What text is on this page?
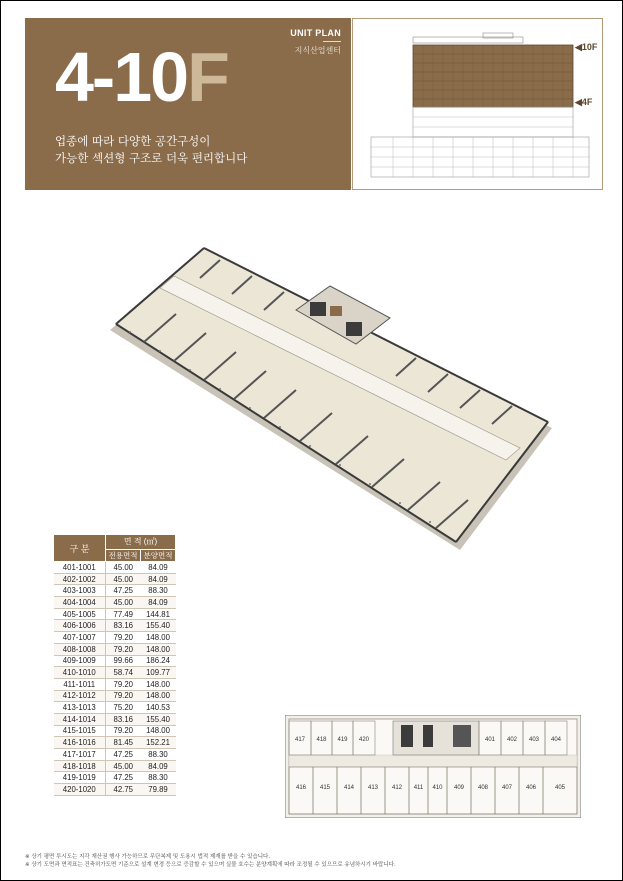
4-10F
UNIT PLAN
지식산업센터
업종에 따라 다양한 공간구성이
가능한 섹션형 구조로 더욱 편리합니다
◀10F
◀4F
구 분	면 적 (㎡)	
	전용면적	분양면적
401-1001	45.00	84.09
402-1002	45.00	84.09
403-1003	47.25	88.30
404-1004	45.00	84.09
405-1005	77.49	144.81
406-1006	83.16	155.40
407-1007	79.20	148.00
408-1008	79.20	148.00
409-1009	99.66	186.24
410-1010	58.74	109.77
411-1011	79.20	148.00
412-1012	79.20	148.00
413-1013	75.20	140.53
414-1014	83.16	155.40
415-1015	79.20	148.00
416-1016	81.45	152.21
417-1017	47.25	88.30
418-1018	45.00	84.09
419-1019	47.25	88.30
420-1020	42.75	79.89
417 418 419 420	401 402 403 404
416 415 414 413 412 411 410 409 408 407 406	405
※ 상기 평면 투시도는 지각 재산권 행사 가능하므로 무단복제 및 도용시 법적 제재를 받을 수 있습니다.
※ 상기 도면과 면적표는 건축허가도면 기준으로 설계 변경 등으로 증감할 수 있으며 실물 호수는 분양계획에 따라 조정될 수 있으므로 유념하시기 바랍니다.
